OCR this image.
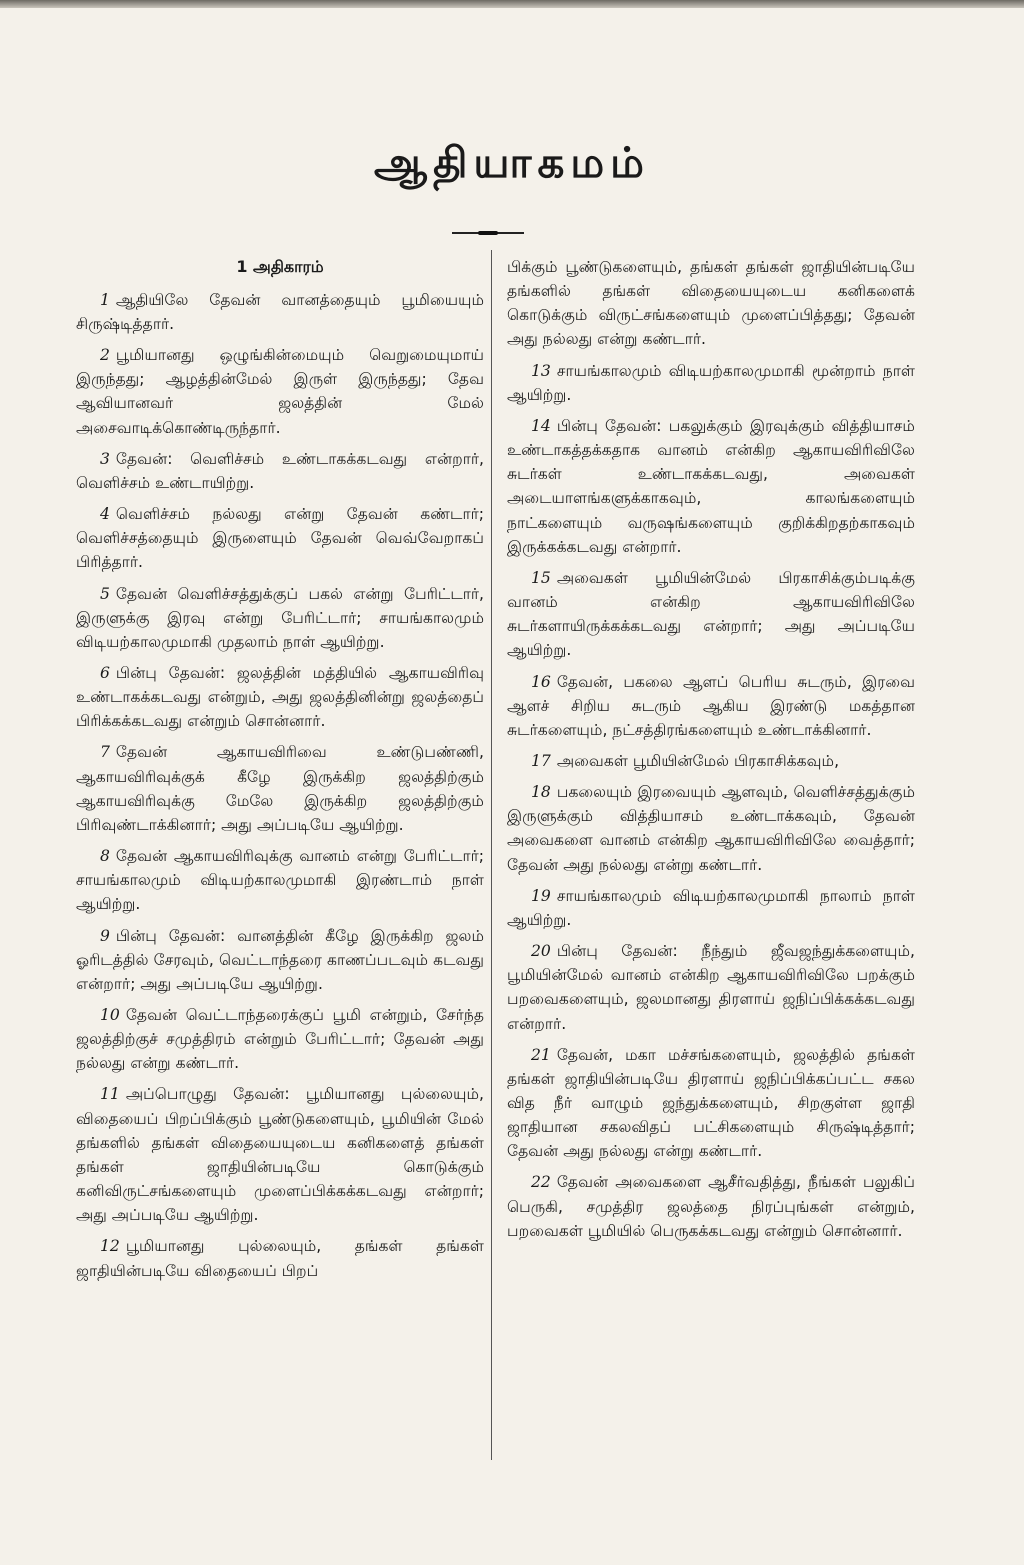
ஆதியாகமம்
1 அதிகாரம்

1 ஆதியிலே தேவன் வானத்தையும் பூமியையும் சிருஷ்டித்தார்.

2 பூமியானது ஒழுங்கின்மையும் வெறுமையுமாய் இருந்தது; ஆழத்தின்மேல் இருள் இருந்தது; தேவ ஆவியானவர் ஜலத்தின் மேல் அசைவாடிக்கொண்டிருந்தார்.

3 தேவன்: வெளிச்சம் உண்டாகக்கடவது என்றார், வெளிச்சம் உண்டாயிற்று.

4 வெளிச்சம் நல்லது என்று தேவன் கண்டார்; வெளிச்சத்தையும் இருளையும் தேவன் வெவ்வேறாகப் பிரித்தார்.

5 தேவன் வெளிச்சத்துக்குப் பகல் என்று பேரிட்டார், இருளுக்கு இரவு என்று பேரிட்டார்; சாயங்காலமும் விடியற்காலமுமாகி முதலாம் நாள் ஆயிற்று.

6 பின்பு தேவன்: ஜலத்தின் மத்தியில் ஆகாயவிரிவு உண்டாகக்கடவது என்றும், அது ஜலத்தினின்று ஜலத்தைப் பிரிக்கக்கடவது என்றும் சொன்னார்.

7 தேவன் ஆகாயவிரிவை உண்டுபண்ணி, ஆகாயவிரிவுக்குக் கீழே இருக்கிற ஜலத்திற்கும் ஆகாயவிரிவுக்கு மேலே இருக்கிற ஜலத்திற்கும் பிரிவுண்டாக்கினார்; அது அப்படியே ஆயிற்று.

8 தேவன் ஆகாயவிரிவுக்கு வானம் என்று பேரிட்டார்; சாயங்காலமும் விடியற்காலமுமாகி இரண்டாம் நாள் ஆயிற்று.

9 பின்பு தேவன்: வானத்தின் கீழே இருக்கிற ஜலம் ஓரிடத்தில் சேரவும், வெட்டாந்தரை காணப்படவும் கடவது என்றார்; அது அப்படியே ஆயிற்று.

10 தேவன் வெட்டாந்தரைக்குப் பூமி என்றும், சேர்ந்த ஜலத்திற்குச் சமுத்திரம் என்றும் பேரிட்டார்; தேவன் அது நல்லது என்று கண்டார்.

11 அப்பொழுது தேவன்: பூமியானது புல்லையும், விதையைப் பிறப்பிக்கும் பூண்டுகளையும், பூமியின் மேல் தங்களில் தங்கள் விதையையுடைய கனிகளைத் தங்கள் தங்கள் ஜாதியின்படியே கொடுக்கும் கனிவிருட்சங்களையும் முளைப்பிக்கக்கடவது என்றார்; அது அப்படியே ஆயிற்று.

12 பூமியானது புல்லையும், தங்கள் தங்கள் ஜாதியின்படியே விதையைப் பிறப்

பிக்கும் பூண்டுகளையும், தங்கள் தங்கள் ஜாதியின்படியே தங்களில் தங்கள் விதையையுடைய கனிகளைக் கொடுக்கும் விருட்சங்களையும் முளைப்பித்தது; தேவன் அது நல்லது என்று கண்டார்.

13 சாயங்காலமும் விடியற்காலமுமாகி மூன்றாம் நாள் ஆயிற்று.

14 பின்பு தேவன்: பகலுக்கும் இரவுக்கும் வித்தியாசம் உண்டாகத்தக்கதாக வானம் என்கிற ஆகாயவிரிவிலே சுடர்கள் உண்டாகக்கடவது, அவைகள் அடையாளங்களுக்காகவும், காலங்களையும் நாட்களையும் வருஷங்களையும் குறிக்கிறதற்காகவும் இருக்கக்கடவது என்றார்.

15 அவைகள் பூமியின்மேல் பிரகாசிக்கும்படிக்கு வானம் என்கிற ஆகாயவிரிவிலே சுடர்களாயிருக்கக்கடவது என்றார்; அது அப்படியே ஆயிற்று.

16 தேவன், பகலை ஆளப் பெரிய சுடரும், இரவை ஆளச் சிறிய சுடரும் ஆகிய இரண்டு மகத்தான சுடர்களையும், நட்சத்திரங்களையும் உண்டாக்கினார்.

17 அவைகள் பூமியின்மேல் பிரகாசிக்கவும்,

18 பகலையும் இரவையும் ஆளவும், வெளிச்சத்துக்கும் இருளுக்கும் வித்தியாசம் உண்டாக்கவும், தேவன் அவைகளை வானம் என்கிற ஆகாயவிரிவிலே வைத்தார்; தேவன் அது நல்லது என்று கண்டார்.

19 சாயங்காலமும் விடியற்காலமுமாகி நாலாம் நாள் ஆயிற்று.

20 பின்பு தேவன்: நீந்தும் ஜீவஜந்துக்களையும், பூமியின்மேல் வானம் என்கிற ஆகாயவிரிவிலே பறக்கும் பறவைகளையும், ஜலமானது திரளாய் ஜநிப்பிக்கக்கடவது என்றார்.

21 தேவன், மகா மச்சங்களையும், ஜலத்தில் தங்கள் தங்கள் ஜாதியின்படியே திரளாய் ஜநிப்பிக்கப்பட்ட சகல வித நீர் வாழும் ஜந்துக்களையும், சிறகுள்ள ஜாதி ஜாதியான சகலவிதப் பட்சிகளையும் சிருஷ்டித்தார்; தேவன் அது நல்லது என்று கண்டார்.

22 தேவன் அவைகளை ஆசீர்வதித்து, நீங்கள் பலுகிப் பெருகி, சமுத்திர ஜலத்தை நிரப்புங்கள் என்றும், பறவைகள் பூமியில் பெருகக்கடவது என்றும் சொன்னார்.
